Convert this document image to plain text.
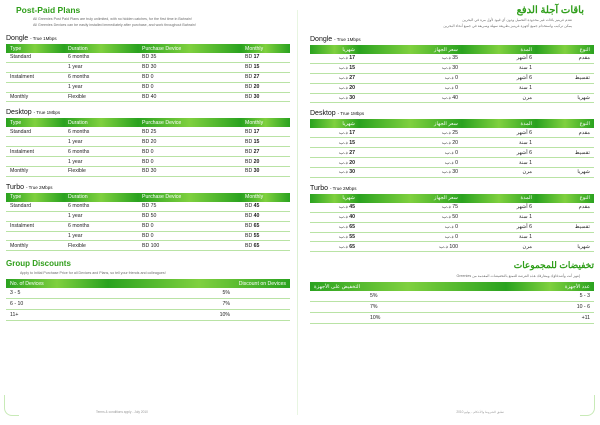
Post-Paid Plans
All Greenies Post Paid Plans are truly unlimited, with no hidden catches, for the first time in Bahrain!
All Greenies Devices can be easily installed immediately after purchase, and work throughout Bahrain!
Dongle - True 1Mbps
Type	Duration	Purchase Device	Monthly
Standard	6 months	BD 35	BD 17
	1 year	BD 30	BD 15
Instalment	6 months	BD 0	BD 27
	1 year	BD 0	BD 20
Monthly	Flexible	BD 40	BD 30
Desktop - True 1Mbps
Type	Duration	Purchase Device	Monthly
Standard	6 months	BD 25	BD 17
	1 year	BD 20	BD 15
Instalment	6 months	BD 0	BD 27
	1 year	BD 0	BD 20
Monthly	Flexible	BD 30	BD 30
Turbo - True 2Mbps
Type	Duration	Purchase Device	Monthly
Standard	6 months	BD 75	BD 45
	1 year	BD 50	BD 40
Instalment	6 months	BD 0	BD 65
	1 year	BD 0	BD 55
Monthly	Flexible	BD 100	BD 65
Group Discounts
Apply to Initial Purchase Price for all Devices and Plans, so tell your friends and colleagues!
No. of Devices	Discount on Devices
3 - 5	5%
6 - 10	7%
11+	10%
Terms & conditions apply - July 2010
باقات آجلة الدفع
تقدم غرينيز باقات غير محدودة التحميل ودون أي قيود لأول مرة في البحرين
يمكن تركيب واستخدام جميع أجهزة غرينيز بطريقة سهلة وسريعة في جميع أنحاء البحرين
Dongle - True 1Mbps
النوع	المدة	سعر الجهاز	شهريا
مقدم	6 أشهر	35 د.ب	17 د.ب
	1 سنة	30 د.ب	15 د.ب
تقسيط	6 أشهر	0 د.ب	27 د.ب
	1 سنة	0 د.ب	20 د.ب
شهريا	مرن	40 د.ب	30 د.ب
Desktop - True 1Mbps
النوع	المدة	سعر الجهاز	شهريا
مقدم	6 أشهر	25 د.ب	17 د.ب
	1 سنة	20 د.ب	15 د.ب
تقسيط	6 أشهر	0 د.ب	27 د.ب
	1 سنة	0 د.ب	20 د.ب
شهريا	مرن	30 د.ب	30 د.ب
Turbo - True 2Mbps
النوع	المدة	سعر الجهاز	شهريا
مقدم	6 أشهر	75 د.ب	45 د.ب
	1 سنة	50 د.ب	40 د.ب
تقسيط	6 أشهر	0 د.ب	65 د.ب
	1 سنة	0 د.ب	55 د.ب
شهريا	مرن	100 د.ب	65 د.ب
تخفيضات للمجموعات
إنتهز أنت وأصدقاؤك ومعارفك هذه الفرصة للتمتع بالتخفيضات المقدمة من Greenies
عدد الأجهزة	التخفيض على الأجهزة
3 - 5	5%
6 - 10	7%
11+	10%
تطبق الشروط والأحكام - يوليو 2010
